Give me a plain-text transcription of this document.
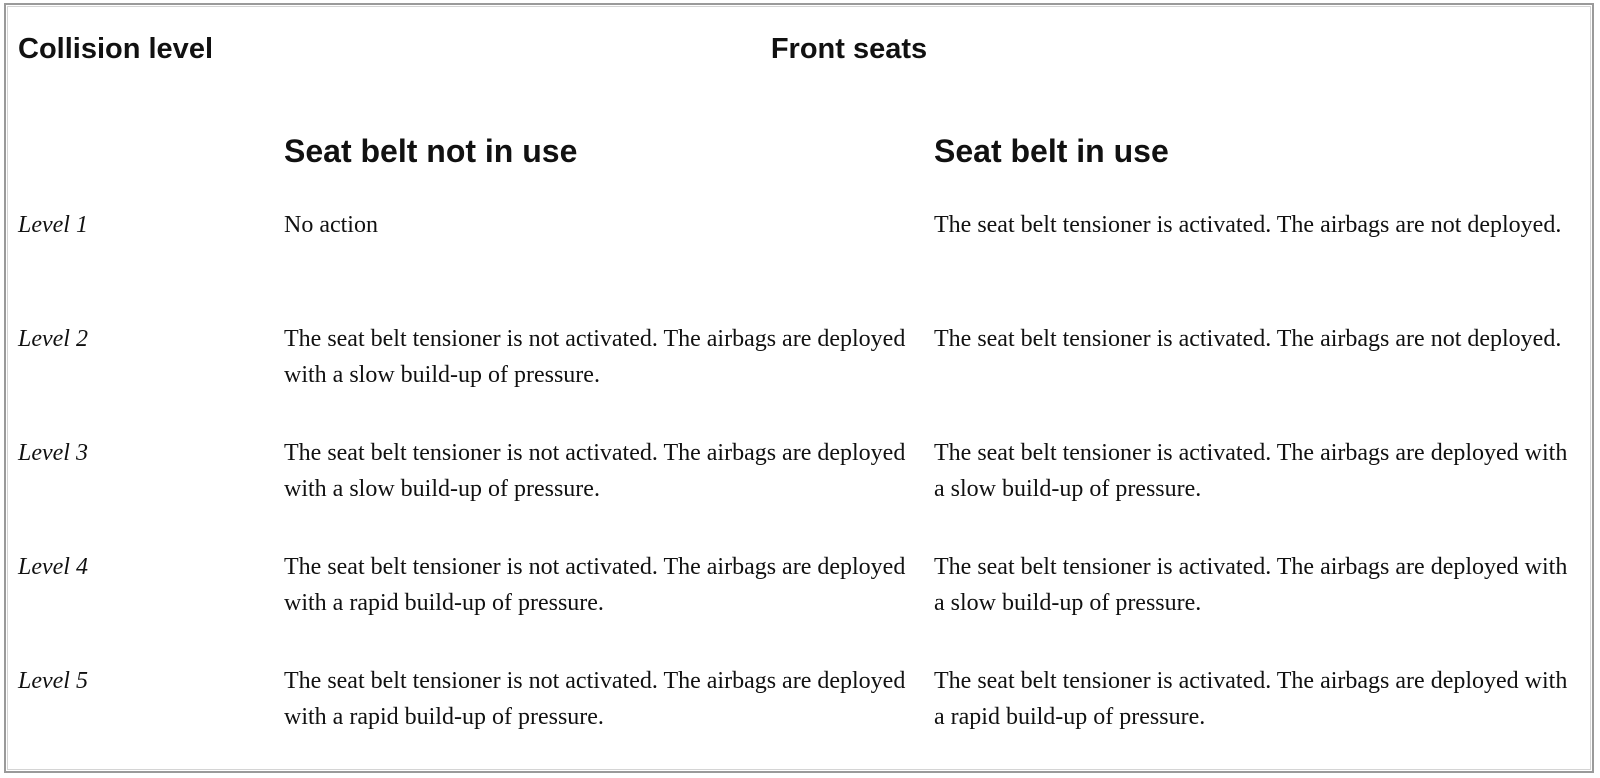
Collision level	Front seats	
	Seat belt not in use	Seat belt in use
Level 1	No action	The seat belt tensioner is activated. The airbags are not deployed.
Level 2	The seat belt tensioner is not activated. The airbags are deployed with a slow build-up of pressure.	The seat belt tensioner is activated. The airbags are not deployed.
Level 3	The seat belt tensioner is not activated. The airbags are deployed with a slow build-up of pressure.	The seat belt tensioner is activated. The airbags are deployed with a slow build-up of pressure.
Level 4	The seat belt tensioner is not activated. The airbags are deployed with a rapid build-up of pressure.	The seat belt tensioner is activated. The airbags are deployed with a slow build-up of pressure.
Level 5	The seat belt tensioner is not activated. The airbags are deployed with a rapid build-up of pressure.	The seat belt tensioner is activated. The airbags are deployed with a rapid build-up of pressure.
